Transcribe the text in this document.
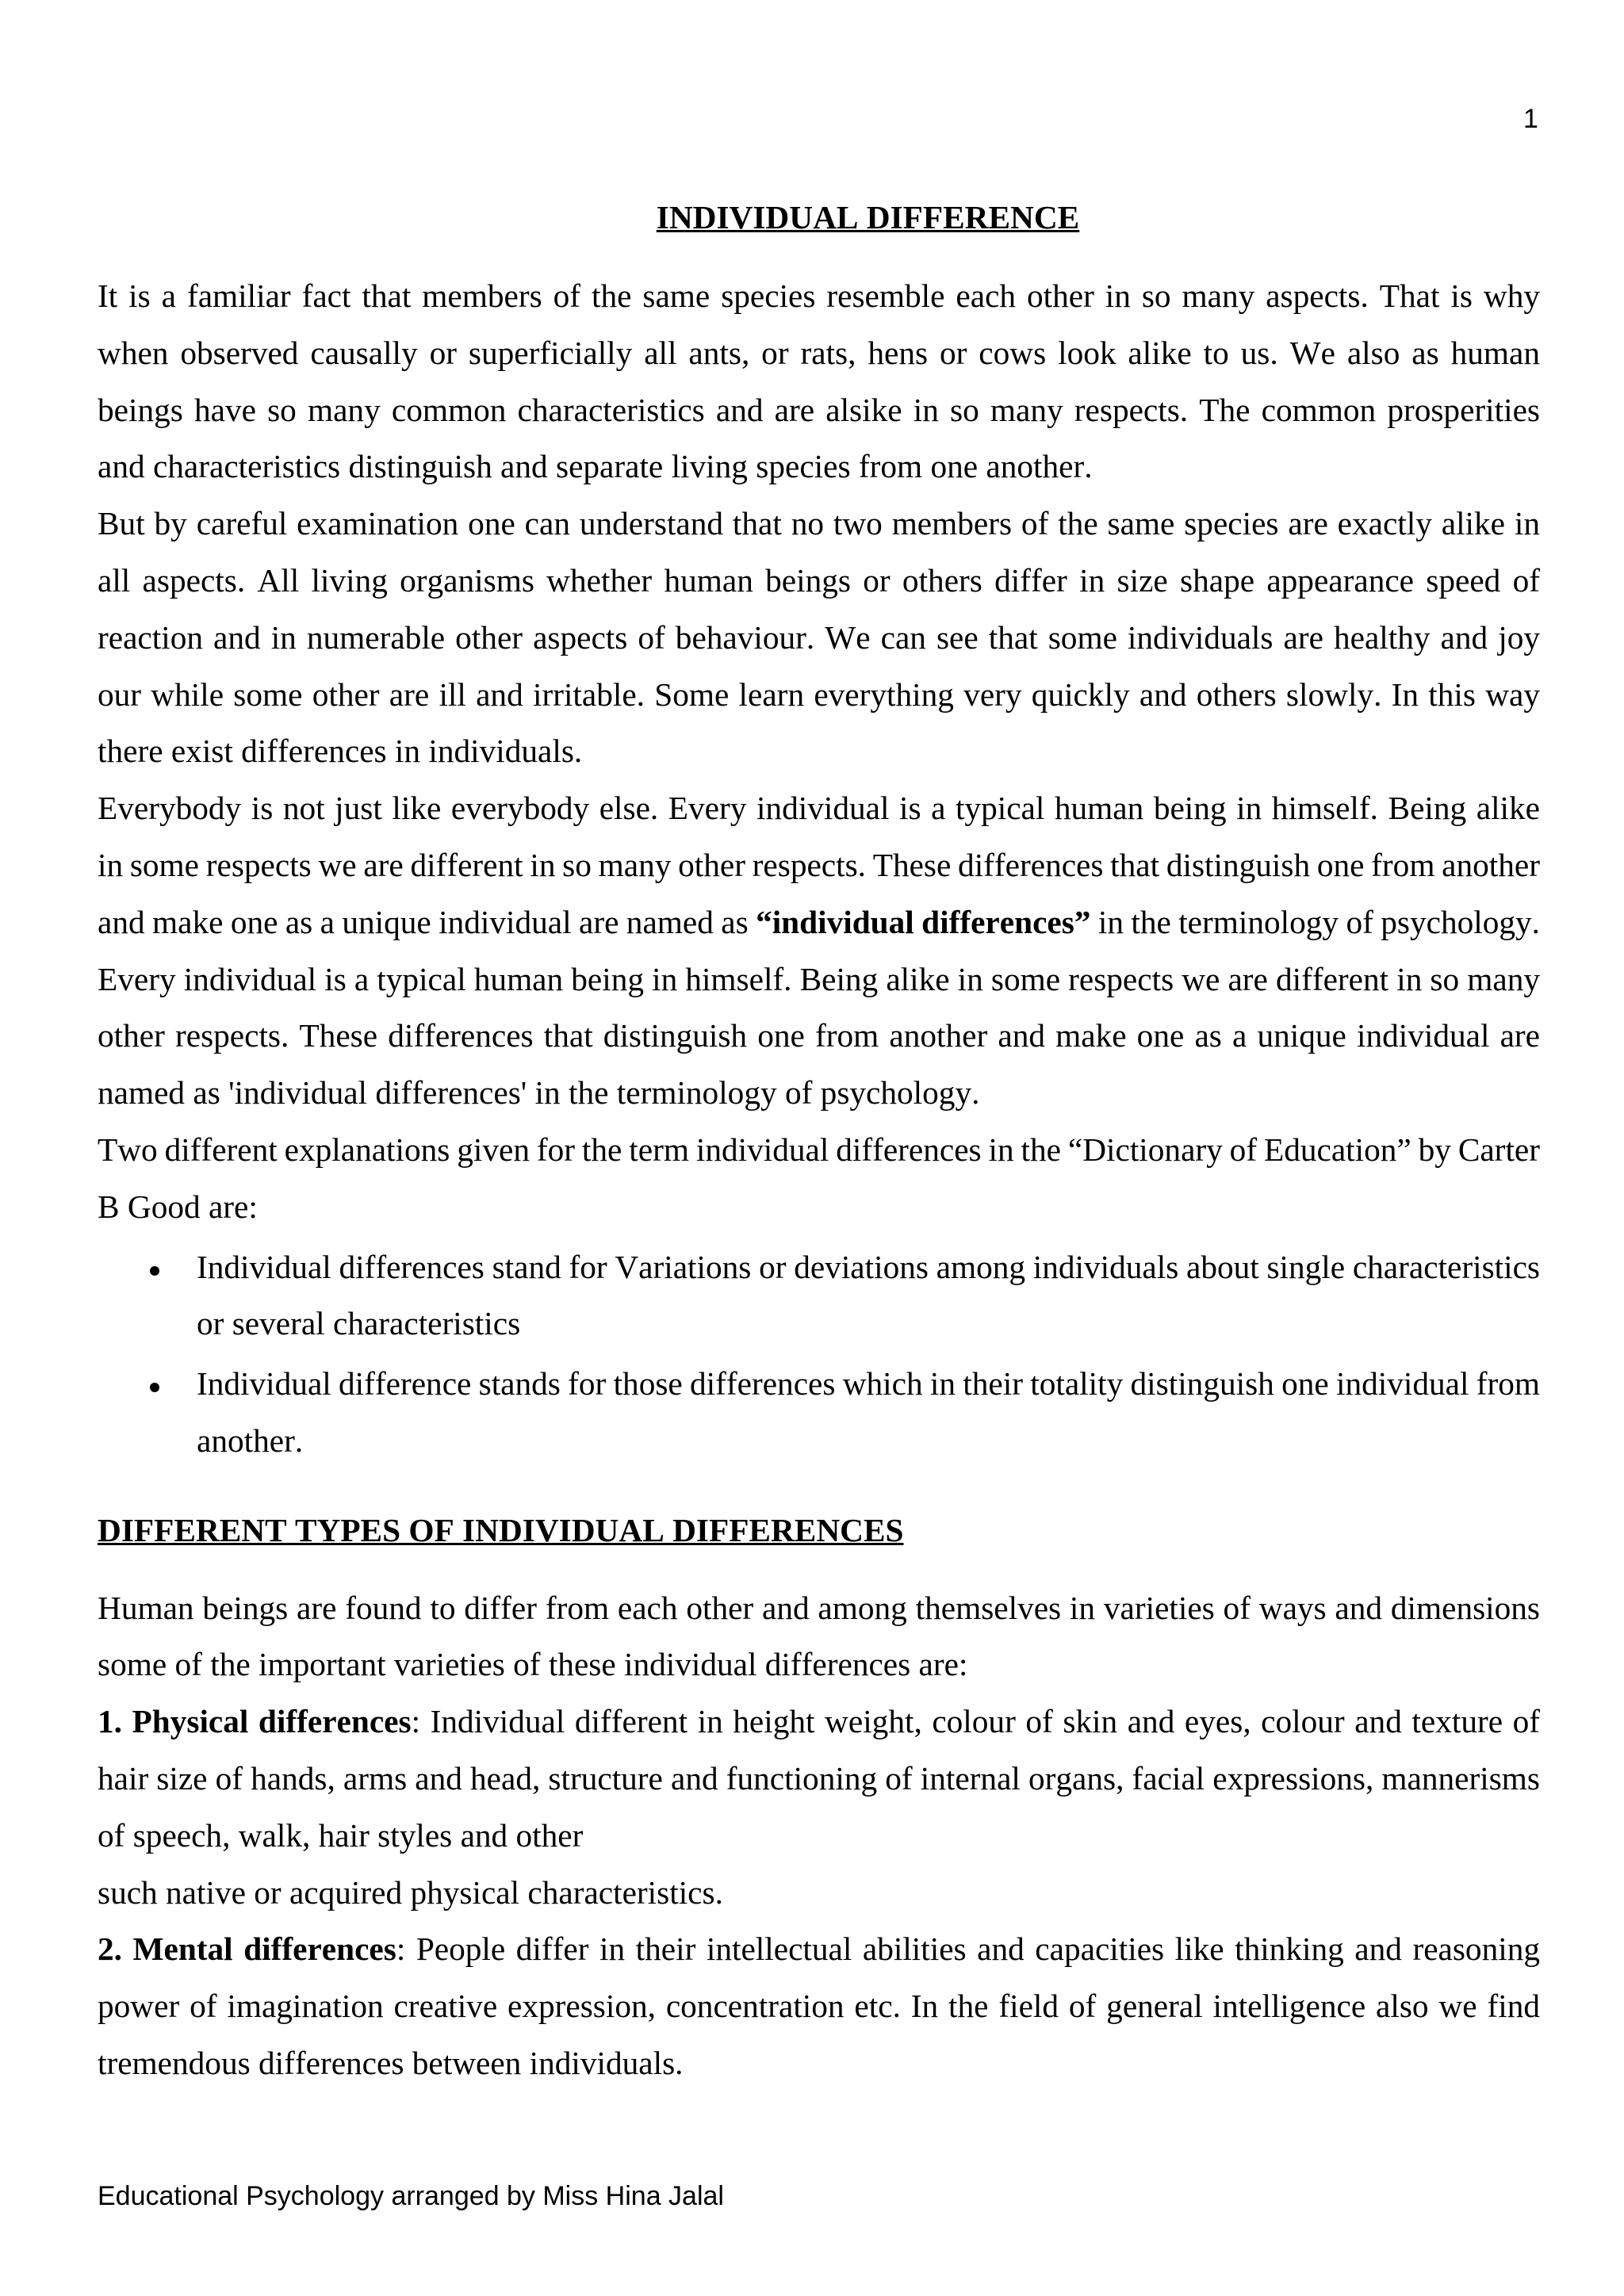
1
INDIVIDUAL DIFFERENCE
It is a familiar fact that members of the same species resemble each other in so many aspects. That is why
when observed causally or superficially all ants, or rats, hens or cows look alike to us. We also as human
beings have so many common characteristics and are alsike in so many respects. The common prosperities
and characteristics distinguish and separate living species from one another.
But by careful examination one can understand that no two members of the same species are exactly alike in
all aspects. All living organisms whether human beings or others differ in size shape appearance speed of
reaction and in numerable other aspects of behaviour. We can see that some individuals are healthy and joy
our while some other are ill and irritable. Some learn everything very quickly and others slowly. In this way
there exist differences in individuals.
Everybody is not just like everybody else. Every individual is a typical human being in himself. Being alike
in some respects we are different in so many other respects. These differences that distinguish one from another
and make one as a unique individual are named as “individual differences” in the terminology of psychology.
Every individual is a typical human being in himself. Being alike in some respects we are different in so many
other respects. These differences that distinguish one from another and make one as a unique individual are
named as 'individual differences' in the terminology of psychology.
Two different explanations given for the term individual differences in the “Dictionary of Education” by Carter
B Good are:
Individual differences stand for Variations or deviations among individuals about single characteristics
or several characteristics
Individual difference stands for those differences which in their totality distinguish one individual from
another.
DIFFERENT TYPES OF INDIVIDUAL DIFFERENCES
Human beings are found to differ from each other and among themselves in varieties of ways and dimensions
some of the important varieties of these individual differences are:
1. Physical differences: Individual different in height weight, colour of skin and eyes, colour and texture of
hair size of hands, arms and head, structure and functioning of internal organs, facial expressions, mannerisms
of speech, walk, hair styles and other
such native or acquired physical characteristics.
2. Mental differences: People differ in their intellectual abilities and capacities like thinking and reasoning
power of imagination creative expression, concentration etc. In the field of general intelligence also we find
tremendous differences between individuals.
Educational Psychology arranged by Miss Hina Jalal
